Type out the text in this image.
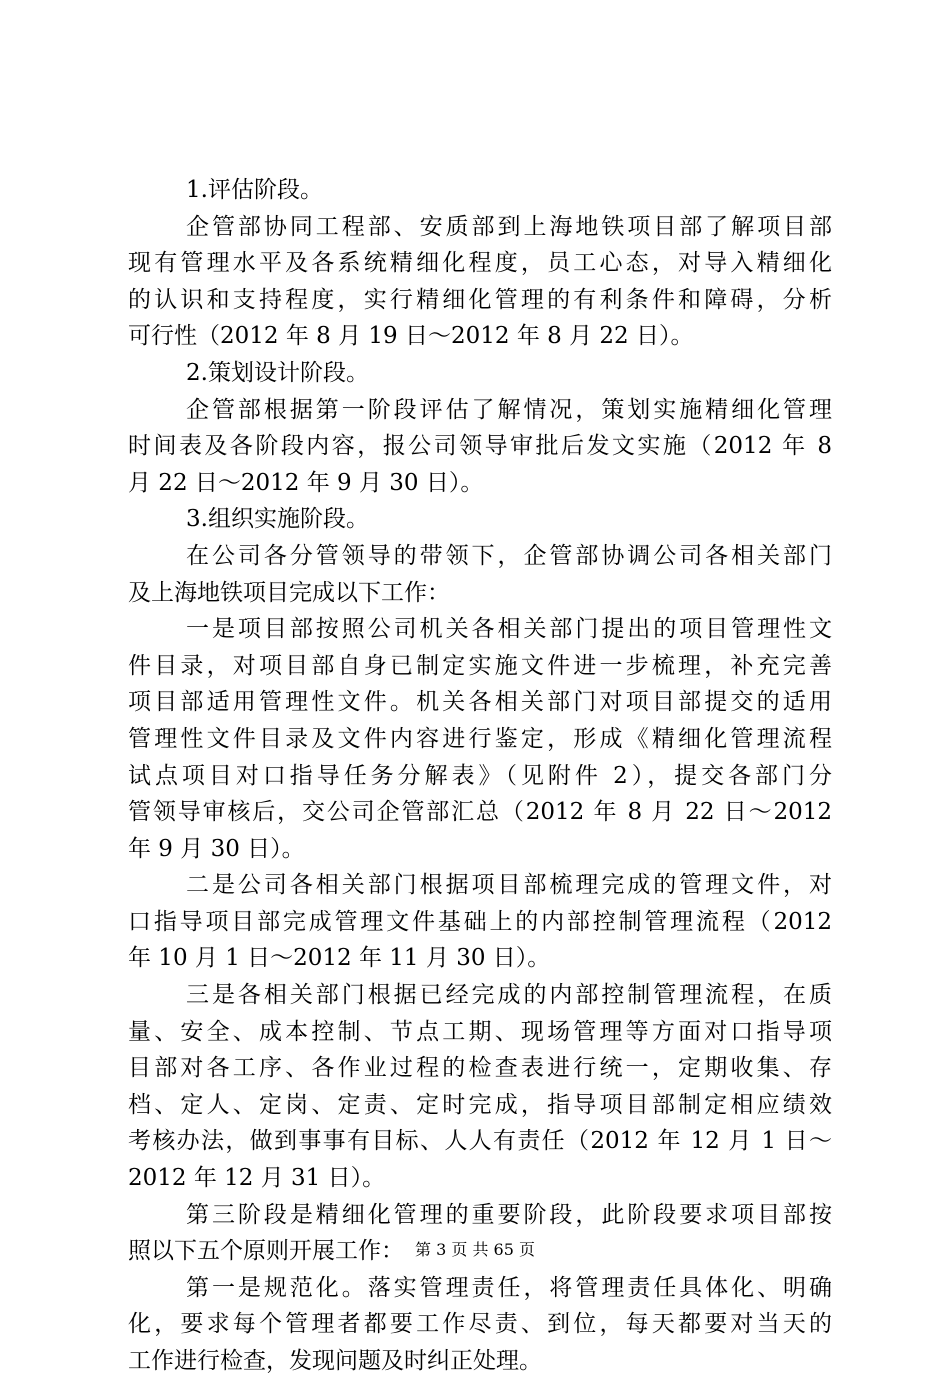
1.评估阶段。
企管部协同工程部、安质部到上海地铁项目部了解项目部
现有管理水平及各系统精细化程度，员工心态，对导入精细化
的认识和支持程度，实行精细化管理的有利条件和障碍，分析
可行性（2012 年 8 月 19 日～2012 年 8 月 22 日）。
2.策划设计阶段。
企管部根据第一阶段评估了解情况，策划实施精细化管理
时间表及各阶段内容，报公司领导审批后发文实施（2012 年 8
月 22 日～2012 年 9 月 30 日）。
3.组织实施阶段。
在公司各分管领导的带领下，企管部协调公司各相关部门
及上海地铁项目完成以下工作：
一是项目部按照公司机关各相关部门提出的项目管理性文
件目录，对项目部自身已制定实施文件进一步梳理，补充完善
项目部适用管理性文件。机关各相关部门对项目部提交的适用
管理性文件目录及文件内容进行鉴定，形成《精细化管理流程
试点项目对口指导任务分解表》（见附件 2），提交各部门分
管领导审核后，交公司企管部汇总（2012 年 8 月 22 日～2012
年 9 月 30 日）。
二是公司各相关部门根据项目部梳理完成的管理文件，对
口指导项目部完成管理文件基础上的内部控制管理流程（2012
年 10 月 1 日～2012 年 11 月 30 日）。
三是各相关部门根据已经完成的内部控制管理流程，在质
量、安全、成本控制、节点工期、现场管理等方面对口指导项
目部对各工序、各作业过程的检查表进行统一，定期收集、存
档、定人、定岗、定责、定时完成，指导项目部制定相应绩效
考核办法，做到事事有目标、人人有责任（2012 年 12 月 1 日～
2012 年 12 月 31 日）。
第三阶段是精细化管理的重要阶段，此阶段要求项目部按
照以下五个原则开展工作：
第一是规范化。落实管理责任，将管理责任具体化、明确
化，要求每个管理者都要工作尽责、到位，每天都要对当天的
工作进行检查，发现问题及时纠正处理。
第 3 页 共 65 页
